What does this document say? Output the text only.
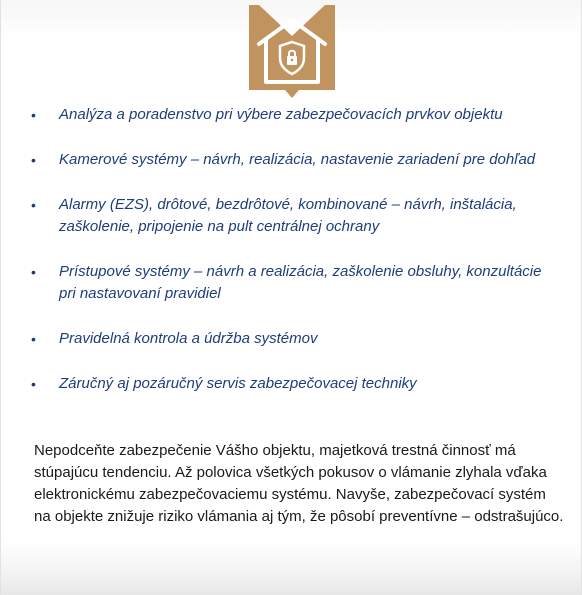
• Analýza a poradenstvo pri výbere zabezpečovacích prvkov objektu
• Kamerové systémy – návrh, realizácia, nastavenie zariadení pre dohľad
• Alarmy (EZS), drôtové, bezdrôtové, kombinované – návrh, inštalácia, zaškolenie, pripojenie na pult centrálnej ochrany
• Prístupové systémy – návrh a realizácia, zaškolenie obsluhy, konzultácie pri nastavovaní pravidiel
• Pravidelná kontrola a údržba systémov
• Záručný aj pozáručný servis zabezpečovacej techniky

Nepodceňte zabezpečenie Vášho objektu, majetková trestná činnosť má stúpajúcu tendenciu. Až polovica všetkých pokusov o vlámanie zlyhala vďaka elektronickému zabezpečovaciemu systému. Navyše, zabezpečovací systém na objekte znižuje riziko vlámania aj tým, že pôsobí preventívne – odstrašujúco.
